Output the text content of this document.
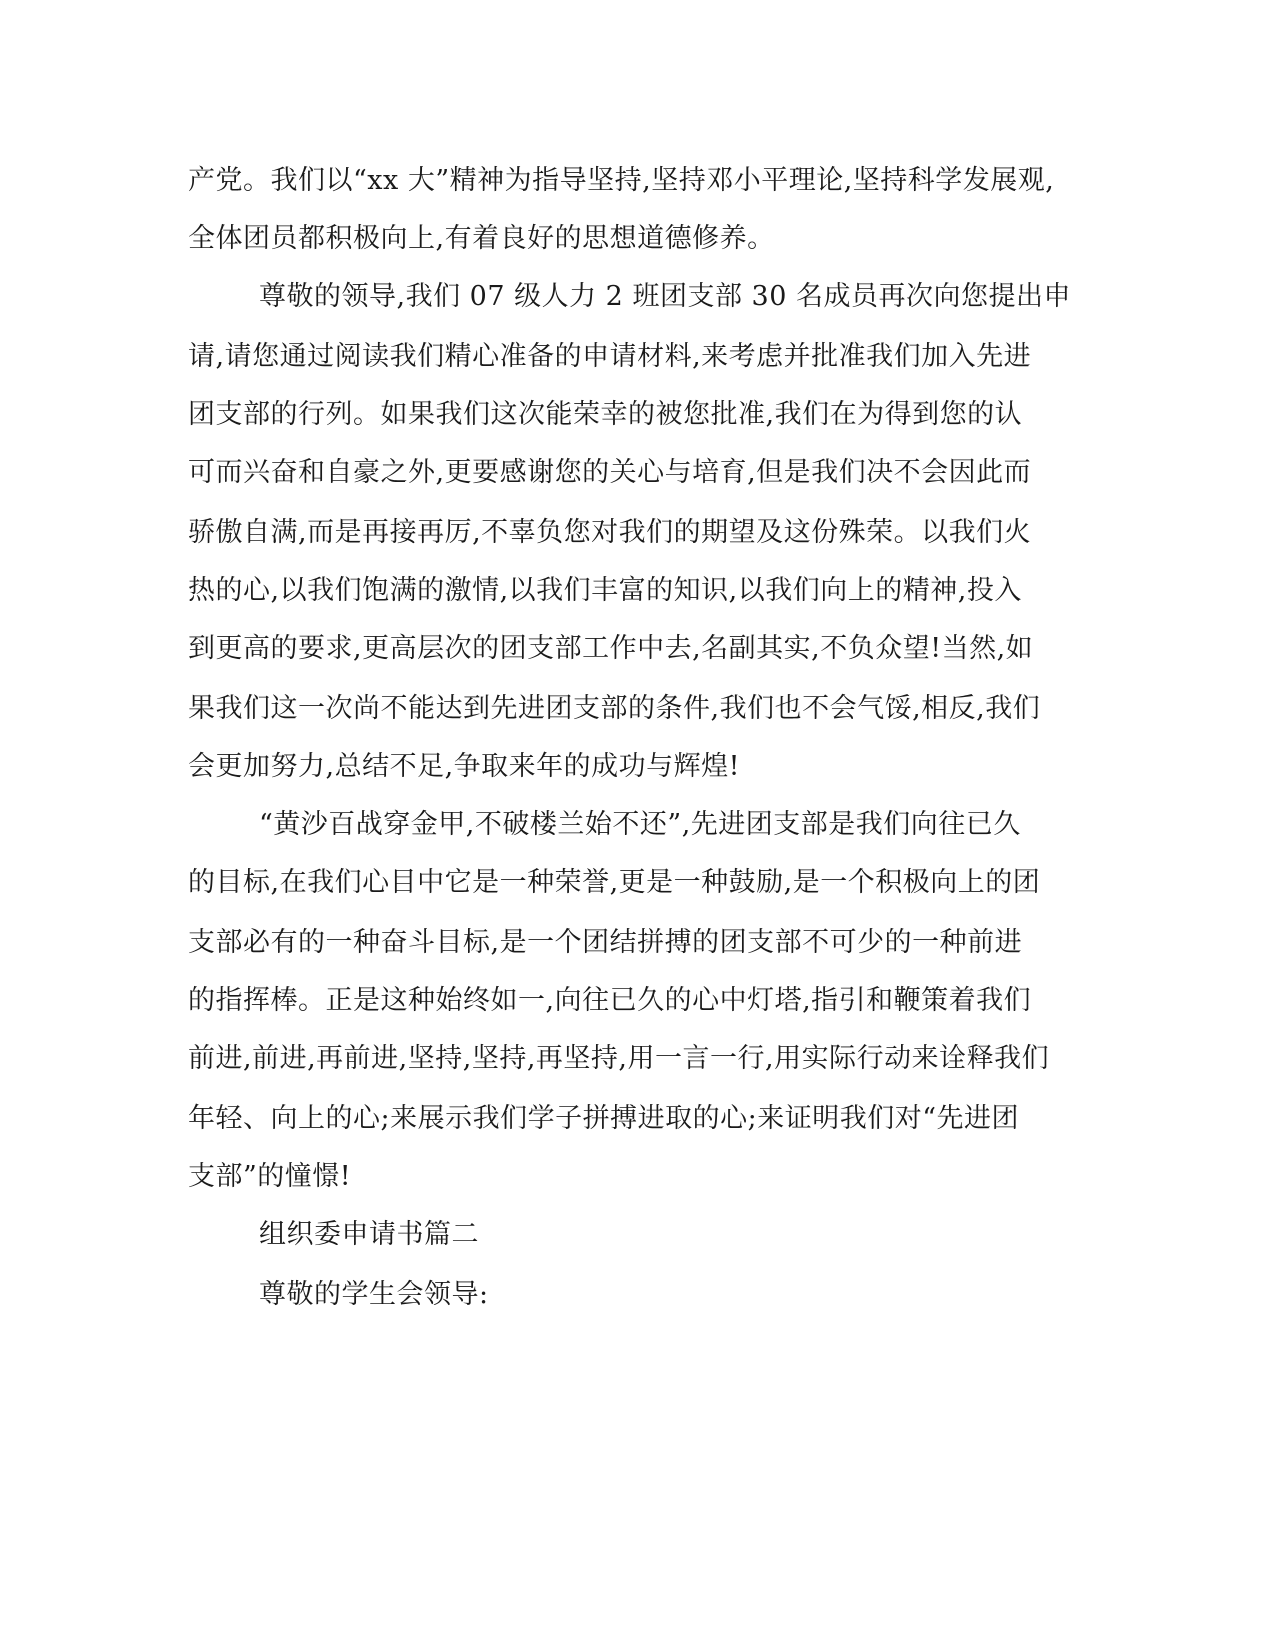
产党。我们以“xx 大”精神为指导坚持,坚持邓小平理论,坚持科学发展观,
全体团员都积极向上,有着良好的思想道德修养。
尊敬的领导,我们 07 级人力 2 班团支部 30 名成员再次向您提出申
请,请您通过阅读我们精心准备的申请材料,来考虑并批准我们加入先进
团支部的行列。如果我们这次能荣幸的被您批准,我们在为得到您的认
可而兴奋和自豪之外,更要感谢您的关心与培育,但是我们决不会因此而
骄傲自满,而是再接再厉,不辜负您对我们的期望及这份殊荣。以我们火
热的心,以我们饱满的激情,以我们丰富的知识,以我们向上的精神,投入
到更高的要求,更高层次的团支部工作中去,名副其实,不负众望!当然,如
果我们这一次尚不能达到先进团支部的条件,我们也不会气馁,相反,我们
会更加努力,总结不足,争取来年的成功与辉煌!
“黄沙百战穿金甲,不破楼兰始不还”,先进团支部是我们向往已久
的目标,在我们心目中它是一种荣誉,更是一种鼓励,是一个积极向上的团
支部必有的一种奋斗目标,是一个团结拼搏的团支部不可少的一种前进
的指挥棒。正是这种始终如一,向往已久的心中灯塔,指引和鞭策着我们
前进,前进,再前进,坚持,坚持,再坚持,用一言一行,用实际行动来诠释我们
年轻、向上的心;来展示我们学子拼搏进取的心;来证明我们对“先进团
支部”的憧憬!
组织委申请书篇二
尊敬的学生会领导:
